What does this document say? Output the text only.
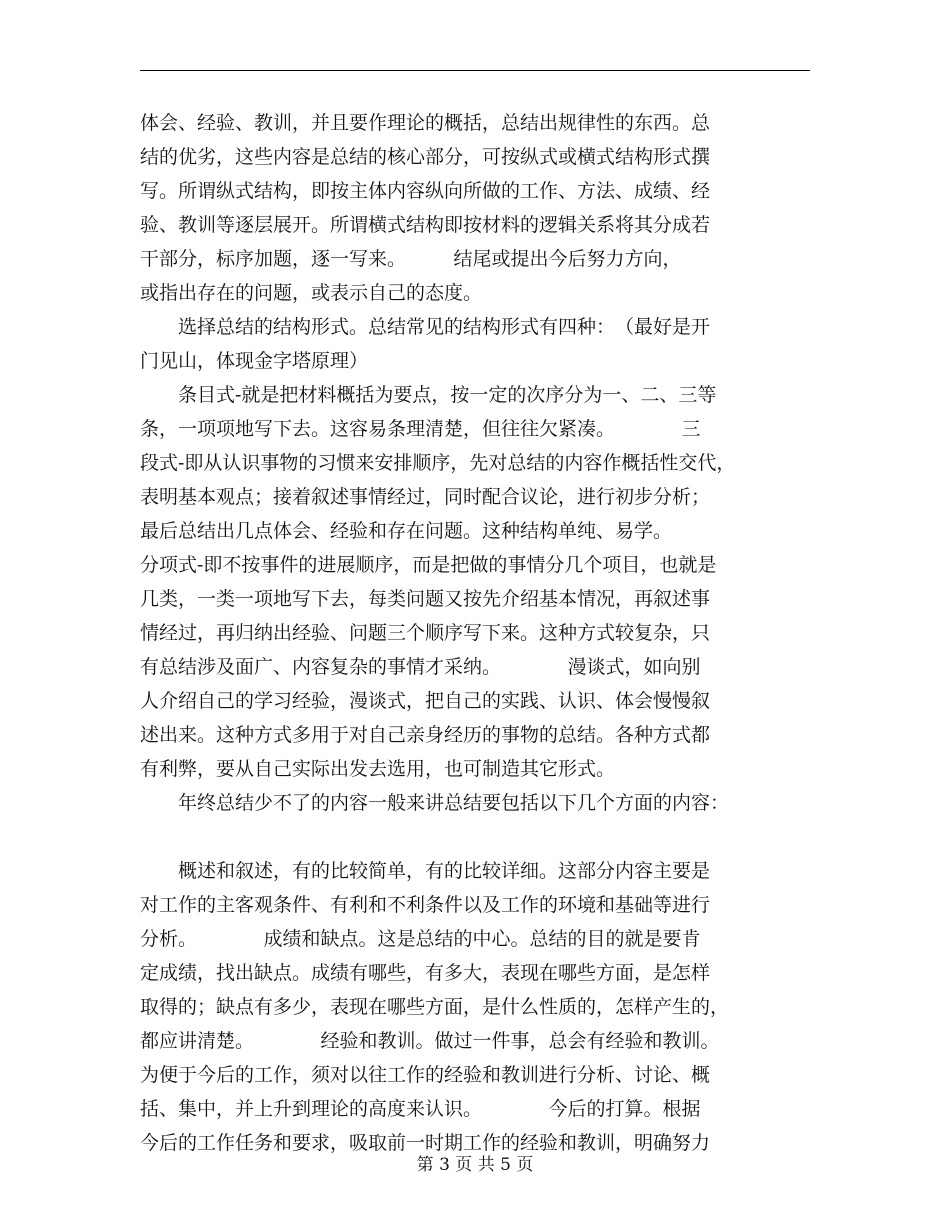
体会、经验、教训，并且要作理论的概括，总结出规律性的东西。总
结的优劣，这些内容是总结的核心部分，可按纵式或横式结构形式撰
写。所谓纵式结构，即按主体内容纵向所做的工作、方法、成绩、经
验、教训等逐层展开。所谓横式结构即按材料的逻辑关系将其分成若
干部分，标序加题，逐一写来。　　　结尾或提出今后努力方向，
或指出存在的问题，或表示自己的态度。
　　选择总结的结构形式。总结常见的结构形式有四种：　（最好是开
门见山，体现金字塔原理）
　　条目式-就是把材料概括为要点，按一定的次序分为一、二、三等
条，一项项地写下去。这容易条理清楚，但往往欠紧凑。　　　　三
段式-即从认识事物的习惯来安排顺序，先对总结的内容作概括性交代，
表明基本观点；接着叙述事情经过，同时配合议论，进行初步分析；
最后总结出几点体会、经验和存在问题。这种结构单纯、易学。
分项式-即不按事件的进展顺序，而是把做的事情分几个项目，也就是
几类，一类一项地写下去，每类问题又按先介绍基本情况，再叙述事
情经过，再归纳出经验、问题三个顺序写下来。这种方式较复杂，只
有总结涉及面广、内容复杂的事情才采纳。　　　　漫谈式，如向别
人介绍自己的学习经验，漫谈式，把自己的实践、认识、体会慢慢叙
述出来。这种方式多用于对自己亲身经历的事物的总结。各种方式都
有利弊，要从自己实际出发去选用，也可制造其它形式。
　　年终总结少不了的内容一般来讲总结要包括以下几个方面的内容：
　　概述和叙述，有的比较简单，有的比较详细。这部分内容主要是
对工作的主客观条件、有利和不利条件以及工作的环境和基础等进行
分析。　　　　成绩和缺点。这是总结的中心。总结的目的就是要肯
定成绩，找出缺点。成绩有哪些，有多大，表现在哪些方面，是怎样
取得的；缺点有多少，表现在哪些方面，是什么性质的，怎样产生的，
都应讲清楚。　　　　经验和教训。做过一件事，总会有经验和教训。
为便于今后的工作，须对以往工作的经验和教训进行分析、讨论、概
括、集中，并上升到理论的高度来认识。　　　　今后的打算。根据
今后的工作任务和要求，吸取前一时期工作的经验和教训，明确努力
第 3 页 共 5 页
